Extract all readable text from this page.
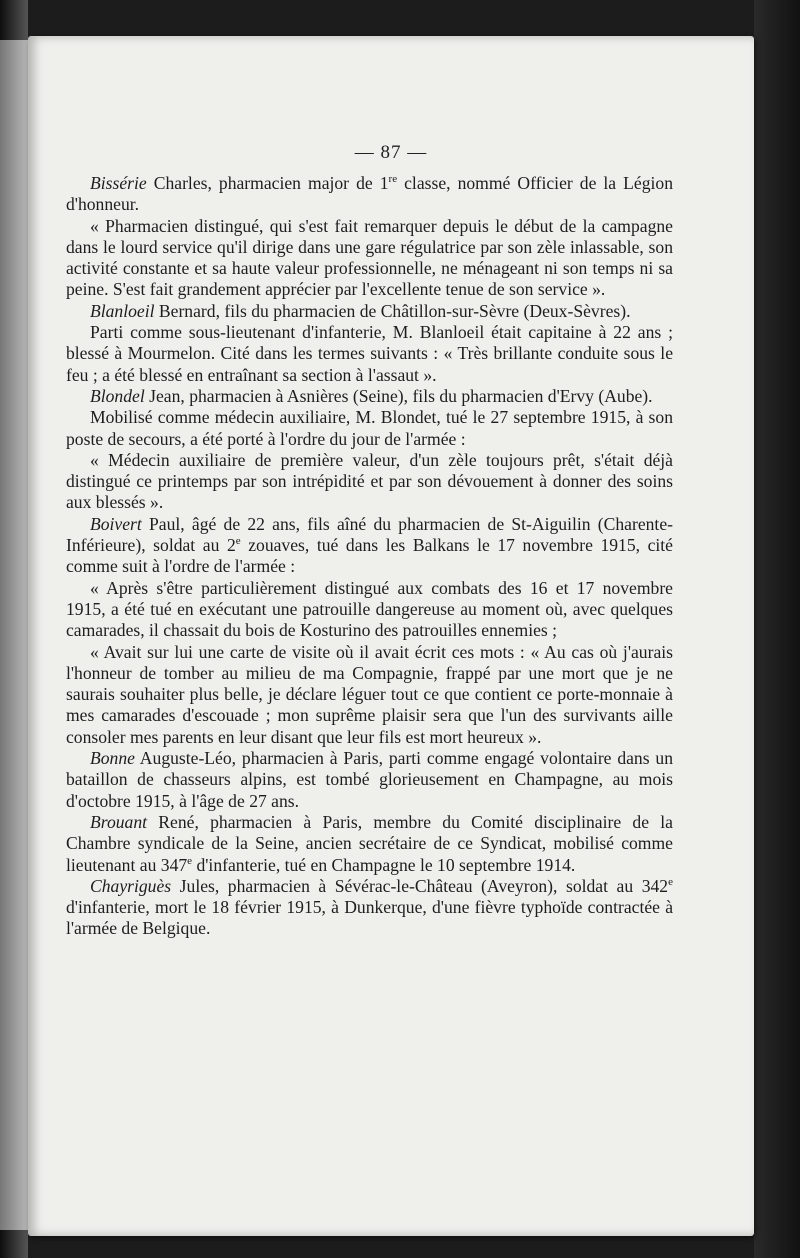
— 87 —

Bissérie Charles, pharmacien major de 1re classe, nommé Officier de la Légion d'honneur.

« Pharmacien distingué, qui s'est fait remarquer depuis le début de la campagne dans le lourd service qu'il dirige dans une gare régulatrice par son zèle inlassable, son activité constante et sa haute valeur professionnelle, ne ménageant ni son temps ni sa peine. S'est fait grandement apprécier par l'excellente tenue de son service ».

Blanloeil Bernard, fils du pharmacien de Châtillon-sur-Sèvre (Deux-Sèvres).

Parti comme sous-lieutenant d'infanterie, M. Blanloeil était capitaine à 22 ans ; blessé à Mourmelon. Cité dans les termes suivants : « Très brillante conduite sous le feu ; a été blessé en entraînant sa section à l'assaut ».

Blondel Jean, pharmacien à Asnières (Seine), fils du pharmacien d'Ervy (Aube).

Mobilisé comme médecin auxiliaire, M. Blondet, tué le 27 septembre 1915, à son poste de secours, a été porté à l'ordre du jour de l'armée :

« Médecin auxiliaire de première valeur, d'un zèle toujours prêt, s'était déjà distingué ce printemps par son intrépidité et par son dévouement à donner des soins aux blessés ».

Boivert Paul, âgé de 22 ans, fils aîné du pharmacien de St-Aiguilin (Charente-Inférieure), soldat au 2e zouaves, tué dans les Balkans le 17 novembre 1915, cité comme suit à l'ordre de l'armée :

« Après s'être particulièrement distingué aux combats des 16 et 17 novembre 1915, a été tué en exécutant une patrouille dangereuse au moment où, avec quelques camarades, il chassait du bois de Kosturino des patrouilles ennemies ;

« Avait sur lui une carte de visite où il avait écrit ces mots : « Au cas où j'aurais l'honneur de tomber au milieu de ma Compagnie, frappé par une mort que je ne saurais souhaiter plus belle, je déclare léguer tout ce que contient ce porte-monnaie à mes camarades d'escouade ; mon suprême plaisir sera que l'un des survivants aille consoler mes parents en leur disant que leur fils est mort heureux ».

Bonne Auguste-Léo, pharmacien à Paris, parti comme engagé volontaire dans un bataillon de chasseurs alpins, est tombé glorieusement en Champagne, au mois d'octobre 1915, à l'âge de 27 ans.

Brouant René, pharmacien à Paris, membre du Comité disciplinaire de la Chambre syndicale de la Seine, ancien secrétaire de ce Syndicat, mobilisé comme lieutenant au 347e d'infanterie, tué en Champagne le 10 septembre 1914.

Chayriguès Jules, pharmacien à Sévérac-le-Château (Aveyron), soldat au 342e d'infanterie, mort le 18 février 1915, à Dunkerque, d'une fièvre typhoïde contractée à l'armée de Belgique.
